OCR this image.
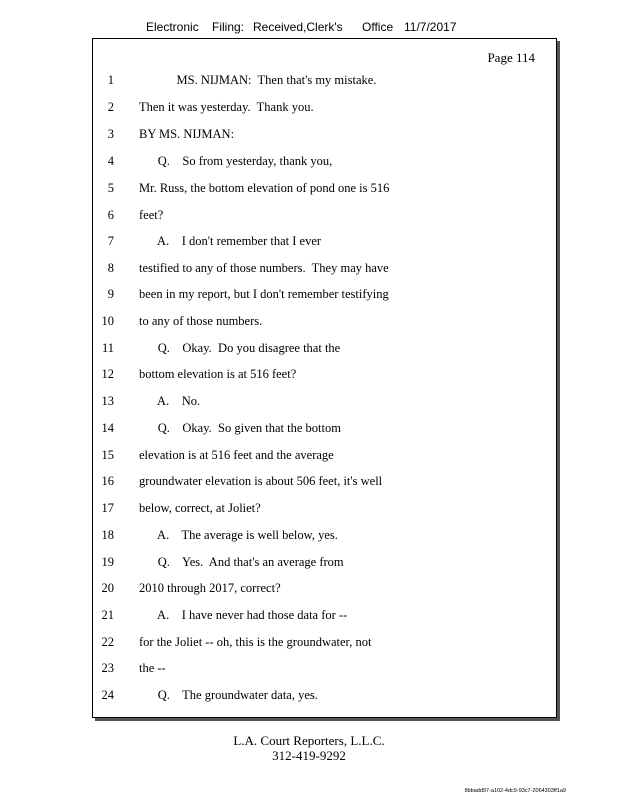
Electronic Filing: Received,Clerk's Office 11/7/2017
Page 114
1 MS. NIJMAN:  Then that's my mistake.
2 Then it was yesterday.  Thank you.
3 BY MS. NIJMAN:
4 Q.    So from yesterday, thank you,
5 Mr. Russ, the bottom elevation of pond one is 516
6 feet?
7 A.    I don't remember that I ever
8 testified to any of those numbers.  They may have
9 been in my report, but I don't remember testifying
10 to any of those numbers.
11 Q.    Okay.  Do you disagree that the
12 bottom elevation is at 516 feet?
13 A.    No.
14 Q.    Okay.  So given that the bottom
15 elevation is at 516 feet and the average
16 groundwater elevation is about 506 feet, it's well
17 below, correct, at Joliet?
18 A.    The average is well below, yes.
19 Q.    Yes.  And that's an average from
20 2010 through 2017, correct?
21 A.    I have never had those data for --
22 for the Joliet -- oh, this is the groundwater, not
23 the --
24 Q.    The groundwater data, yes.
L.A. Court Reporters, L.L.C.
312-419-9292
8bbadd97-a102-4dc9-93c7-2064303ff1a9
